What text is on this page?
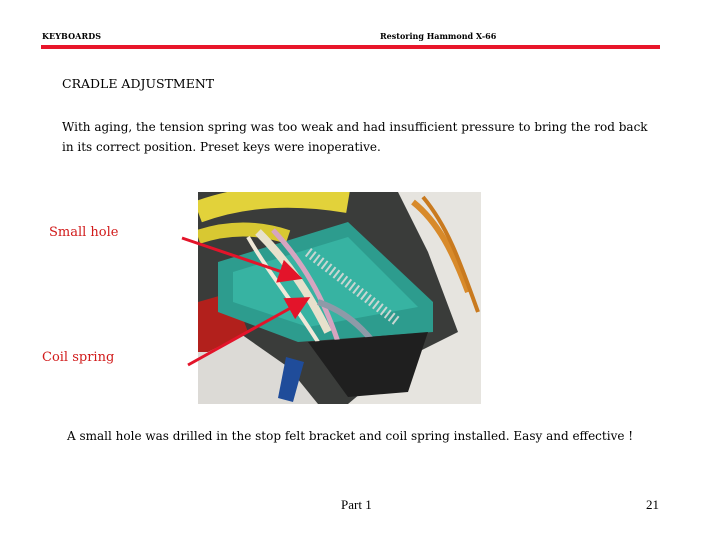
KEYBOARDS	Restoring Hammond X-66
CRADLE ADJUSTMENT
With aging, the tension spring was too weak and had insufficient pressure to bring the rod back in its correct position. Preset keys were inoperative.
Small hole
Coil spring
A small hole was drilled in the stop felt bracket and coil spring installed. Easy and effective !
Part 1	21
